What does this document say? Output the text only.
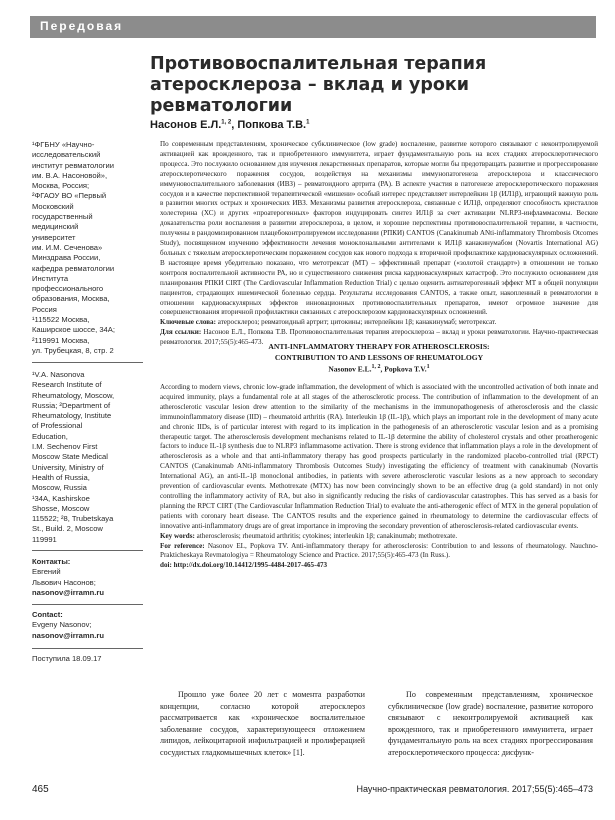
Передовая
Противовоспалительная терапия атеросклероза – вклад и уроки ревматологии
Насонов Е.Л.$^{1, 2}$, Попкова Т.В.$^1$
¹ФГБНУ «Научно-
исследовательский
институт ревматологии
им. В.А. Насоновой»,
Москва, Россия;
²ФГАОУ ВО «Первый
Московский
государственный
медицинский
университет
им. И.М. Сеченова»
Минздрава России,
кафедра ревматологии
Института
профессионального
образования, Москва,
Россия
¹115522 Москва,
Каширское шоссе, 34А;
²119991 Москва,
ул. Трубецкая, 8, стр. 2
¹V.A. Nasonova
Research Institute of
Rheumatology, Moscow,
Russia; ²Department of
Rheumatology, Institute
of Professional
Education,
I.M. Sechenov First
Moscow State Medical
University, Ministry of
Health of Russia,
Moscow, Russia
¹34A, Kashirskoe
Shosse, Moscow
115522; ²8, Trubetskaya
St., Build. 2, Moscow
119991
Контакты:
Евгений
Львович Насонов;
nasonov@irramn.ru
Contact:
Evgeny Nasonov;
nasonov@irramn.ru
Поступила 18.09.17

По современным представлениям, хроническое субклиническое (low grade) воспаление, развитие которого связывают с неконтролируемой активацией как врожденного, так и приобретенного иммунитета, играет фундаментальную роль на всех стадиях атеросклеротического процесса. Это послужило основанием для изучения лекарственных препаратов, которые могли бы предотвращать развитие и прогрессирование атеросклеротического поражения сосудов, воздействуя на механизмы иммунопатогенеза атеросклероза и классического иммуновоспалительного заболевания (ИВЗ) – ревматоидного артрита (РА). В аспекте участия в патогенезе атеросклеротического поражения сосудов и в качестве перспективной терапевтической «мишени» особый интерес представляет интерлейкин 1β (ИЛ1β), играющий важную роль в развитии многих острых и хронических ИВЗ. Механизмы развития атеросклероза, связанные с ИЛ1β, определяют способность кристаллов холестерина (ХС) и других «проатерогенных» факторов индуцировать синтез ИЛ1β за счет активации NLRP3-инфламмасомы. Веские доказательства роли воспаления в развитии атеросклероза, в целом, и хорошие перспективы противовоспалительной терапии, в частности, получены в рандомизированном плацебоконтролируемом исследовании (РПКИ) CANTOS (Canakinumab ANti-inflammatory Thrombosis Otcomes Study), посвященном изучению эффективности лечения моноклональными антителами к ИЛ1β канакинумабом (Novartis International AG) больных с тяжелым атеросклеротическим поражением сосудов как нового подхода к вторичной профилактике кардиоваскулярных осложнений. В настоящее время убедительно показано, что метотрексат (МТ) – эффективный препарат («золотой стандарт») в отношении не только контроля воспалительной активности РА, но и существенного снижения риска кардиоваскулярных катастроф. Это послужило основанием для планирования РПКИ CIRT (The Cardiovascular Inflammation Reduction Trial) с целью оценить антиатерогенный эффект МТ в общей популяции пациентов, страдающих ишемической болезнью сердца. Результаты исследования CANTOS, а также опыт, накопленный в ревматологии в отношении кардиоваскулярных эффектов инновационных противовоспалительных препаратов, имеют огромное значение для совершенствования вторичной профилактики связанных с атеросклерозом кардиоваскулярных осложнений.

Ключевые слова: атеросклероз; ревматоидный артрит; цитокины; интерлейкин 1β; канакинумаб; метотрексат.

Для ссылки: Насонов Е.Л., Попкова Т.В. Противовоспалительная терапия атеросклероза – вклад и уроки ревматологии. Научно-практическая ревматология. 2017;55(5):465-473. ANTI-INFLAMMATORY THERAPY FOR ATHEROSCLEROSIS:
CONTRIBUTION TO AND LESSONS OF RHEUMATOLOGY
Nasonov E.L.$^{1, 2}$, Popkova T.V.$^1$

According to modern views, chronic low-grade inflammation, the development of which is associated with the uncontrolled activation of both innate and acquired immunity, plays a fundamental role at all stages of the atherosclerotic process. The contribution of inflammation to the development of an atherosclerotic vascular lesion drew attention to the similarity of the mechanisms in the immunopathogenesis of atherosclerosis and the classic immunoinflammatory disease (IID) – rheumatoid arthritis (RA). Interleukin 1β (IL-1β), which plays an important role in the development of many acute and chronic IIDs, is of particular interest with regard to its implication in the pathogenesis of an atherosclerotic vascular lesion and as a promising therapeutic target. The atherosclerosis development mechanisms related to IL-1β determine the ability of cholesterol crystals and other proatherogenic factors to induce IL-1β synthesis due to NLRP3 inflammasome activation. There is strong evidence that inflammation plays a role in the development of atherosclerosis as a whole and that anti-inflammatory therapy has good prospects particularly in the randomized placebo-controlled trial (RPCT) CANTOS (Canakinumab ANti-inflammatory Thrombosis Outcomes Study) investigating the efficiency of treatment with canakinumab (Novartis International AG), an anti-IL-1β monoclonal antibodies, in patients with severe atherosclerotic vascular lesions as a new approach to secondary prevention of cardiovascular events. Methotrexate (MTX) has now been convincingly shown to be an effective drug (a gold standard) in not only controlling the inflammatory activity of RA, but also in significantly reducing the risks of cardiovascular catastrophes. This has served as a basis for planning the RPCT CIRT (The Cardiovascular Inflammation Reduction Trial) to evaluate the anti-atherogenic effect of MTX in the general population of patients with coronary heart disease. The CANTOS results and the experience gained in rheumatology to determine the cardiovascular effects of innovative anti-inflammatory drugs are of great importance in improving the secondary prevention of atherosclerosis-related cardiovascular events.

Key words: atherosclerosis; rheumatoid arthritis; cytokines; interleukin 1β; canakinumab; methotrexate.

For reference: Nasonov EL, Popkova TV. Anti-inflammatory therapy for atherosclerosis: Contribution to and lessons of rheumatology. Nauchno-Prakticheskaya Revmatologiya = Rheumatology Science and Practice. 2017;55(5):465-473 (In Russ.).

doi: http://dx.doi.org/10.14412/1995-4484-2017-465-473

Прошло уже более 20 лет с момента разработки концепции, согласно которой атеросклероз рассматривается как «хроническое воспалительное заболевание сосудов, характеризующееся отложением липидов, лейкоцитарной инфильтрацией и пролиферацией сосудистых гладкомышечных клеток» [1].

По современным представлениям, хроническое субклиническое (low grade) воспаление, развитие которого связывают с неконтролируемой активацией как врожденного, так и приобретенного иммунитета, играет фундаментальную роль на всех стадиях прогрессирования атеросклеротического процесса: дисфунк-

465	Научно-практическая ревматология. 2017;55(5):465–473
